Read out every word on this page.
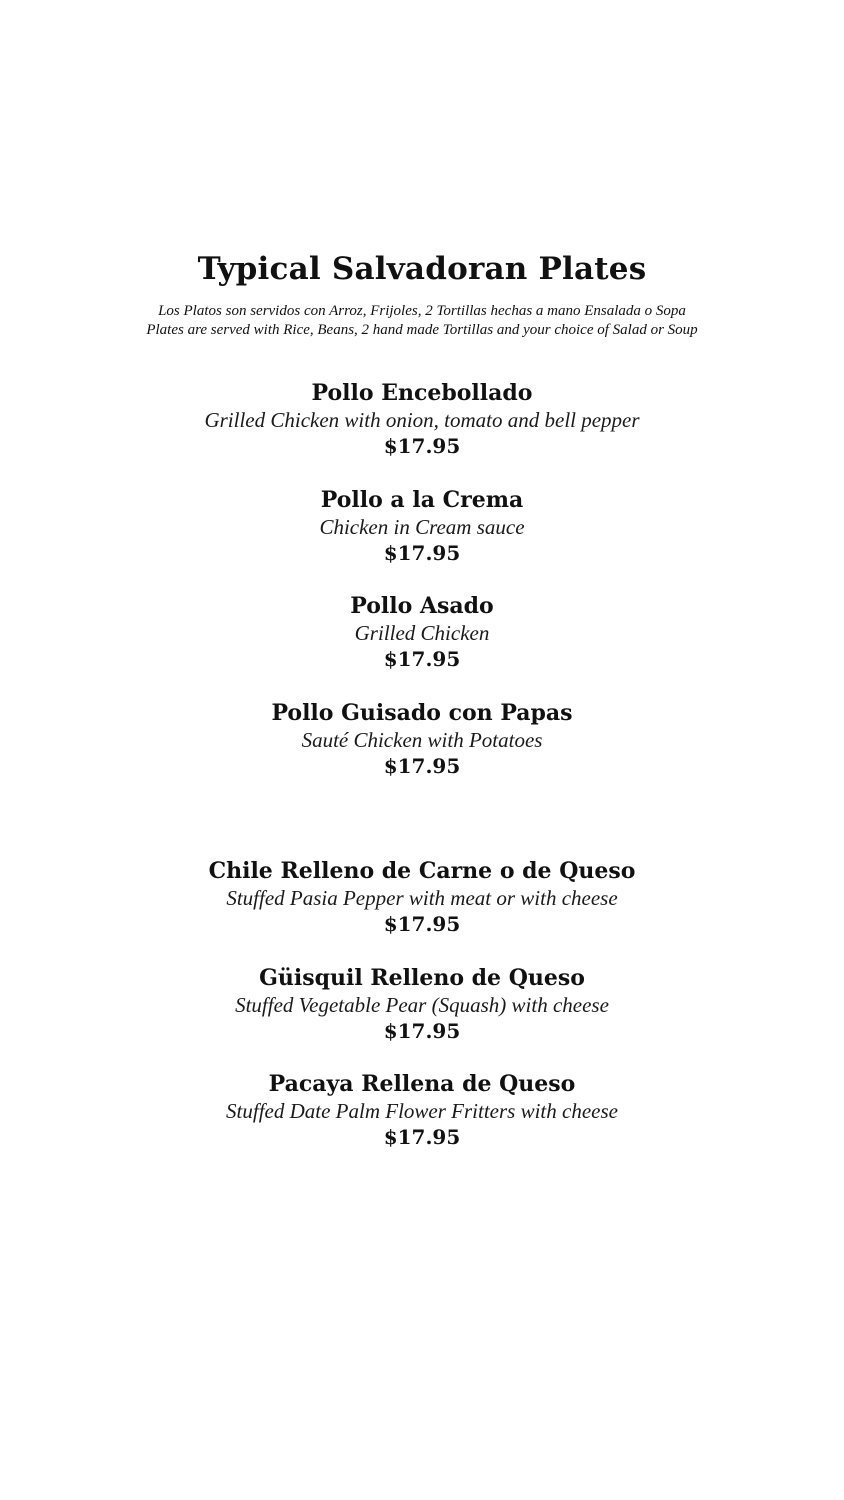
Typical Salvadoran Plates
Los Platos son servidos con Arroz, Frijoles, 2 Tortillas hechas a mano Ensalada o Sopa
Plates are served with Rice, Beans, 2 hand made Tortillas and your choice of Salad or Soup
Pollo Encebollado
Grilled Chicken with onion, tomato and bell pepper
$17.95
Pollo a la Crema
Chicken in Cream sauce
$17.95
Pollo Asado
Grilled Chicken
$17.95
Pollo Guisado con Papas
Sauté Chicken with Potatoes
$17.95
Chile Relleno de Carne o de Queso
Stuffed Pasia Pepper with meat or with cheese
$17.95
Güisquil Relleno de Queso
Stuffed Vegetable Pear (Squash) with cheese
$17.95
Pacaya Rellena de Queso
Stuffed Date Palm Flower Fritters with cheese
$17.95
